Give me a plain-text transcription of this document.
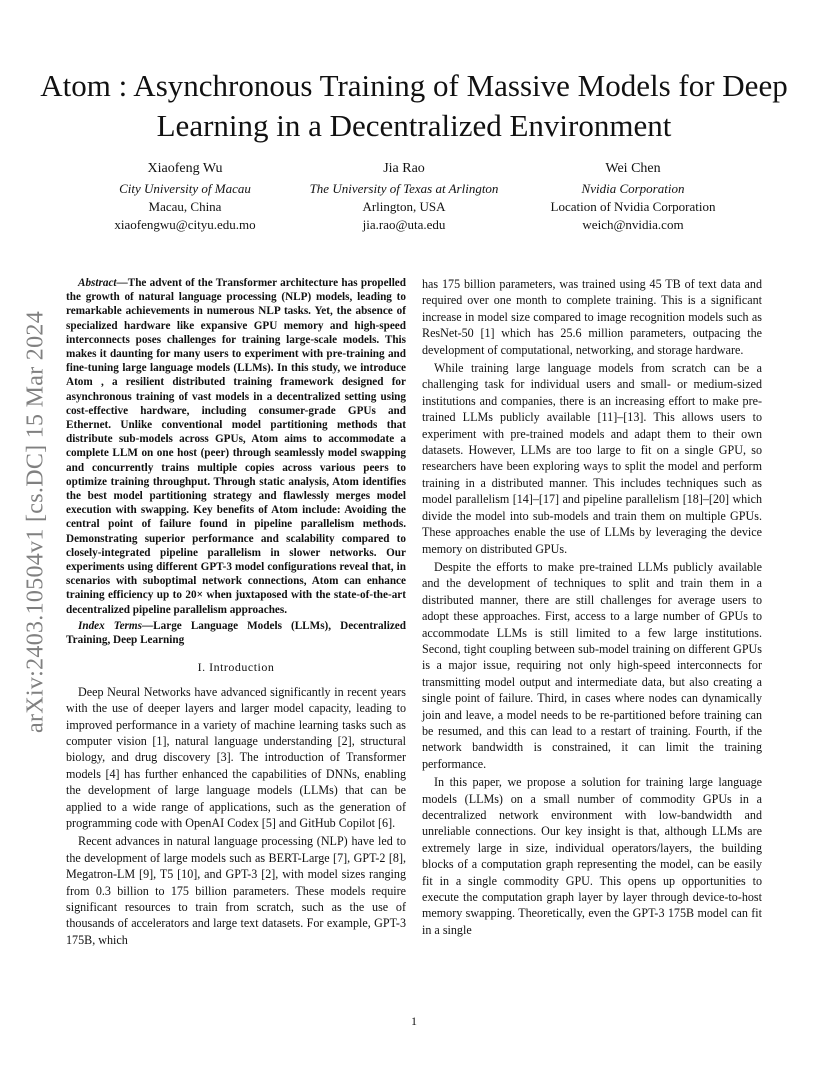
Atom : Asynchronous Training of Massive Models for Deep Learning in a Decentralized Environment
Xiaofeng Wu
City University of Macau
Macau, China
xiaofengwu@cityu.edu.mo
Jia Rao
The University of Texas at Arlington
Arlington, USA
jia.rao@uta.edu
Wei Chen
Nvidia Corporation
Location of Nvidia Corporation
weich@nvidia.com
arXiv:2403.10504v1 [cs.DC] 15 Mar 2024

Abstract—The advent of the Transformer architecture has propelled the growth of natural language processing (NLP) models, leading to remarkable achievements in numerous NLP tasks. Yet, the absence of specialized hardware like expansive GPU memory and high-speed interconnects poses challenges for training large-scale models. This makes it daunting for many users to experiment with pre-training and fine-tuning large language models (LLMs). In this study, we introduce Atom , a resilient distributed training framework designed for asynchronous training of vast models in a decentralized setting using cost-effective hardware, including consumer-grade GPUs and Ethernet. Unlike conventional model partitioning methods that distribute sub-models across GPUs, Atom aims to accommodate a complete LLM on one host (peer) through seamlessly model swapping and concurrently trains multiple copies across various peers to optimize training throughput. Through static analysis, Atom identifies the best model partitioning strategy and flawlessly merges model execution with swapping. Key benefits of Atom include: Avoiding the central point of failure found in pipeline parallelism methods. Demonstrating superior performance and scalability compared to closely-integrated pipeline parallelism in slower networks. Our experiments using different GPT-3 model configurations reveal that, in scenarios with suboptimal network connections, Atom can enhance training efficiency up to 20× when juxtaposed with the state-of-the-art decentralized pipeline parallelism approaches.

Index Terms—Large Language Models (LLMs), Decentralized Training, Deep Learning

I. Introduction

Deep Neural Networks have advanced significantly in recent years with the use of deeper layers and larger model capacity, leading to improved performance in a variety of machine learning tasks such as computer vision [1], natural language understanding [2], structural biology, and drug discovery [3]. The introduction of Transformer models [4] has further enhanced the capabilities of DNNs, enabling the development of large language models (LLMs) that can be applied to a wide range of applications, such as the generation of programming code with OpenAI Codex [5] and GitHub Copilot [6].

Recent advances in natural language processing (NLP) have led to the development of large models such as BERT-Large [7], GPT-2 [8], Megatron-LM [9], T5 [10], and GPT-3 [2], with model sizes ranging from 0.3 billion to 175 billion parameters. These models require significant resources to train from scratch, such as the use of thousands of accelerators and large text datasets. For example, GPT-3 175B, which

has 175 billion parameters, was trained using 45 TB of text data and required over one month to complete training. This is a significant increase in model size compared to image recognition models such as ResNet-50 [1] which has 25.6 million parameters, outpacing the development of computational, networking, and storage hardware.

While training large language models from scratch can be a challenging task for individual users and small- or medium-sized institutions and companies, there is an increasing effort to make pre-trained LLMs publicly available [11]–[13]. This allows users to experiment with pre-trained models and adapt them to their own datasets. However, LLMs are too large to fit on a single GPU, so researchers have been exploring ways to split the model and perform training in a distributed manner. This includes techniques such as model parallelism [14]–[17] and pipeline parallelism [18]–[20] which divide the model into sub-models and train them on multiple GPUs. These approaches enable the use of LLMs by leveraging the device memory on distributed GPUs.

Despite the efforts to make pre-trained LLMs publicly available and the development of techniques to split and train them in a distributed manner, there are still challenges for average users to adopt these approaches. First, access to a large number of GPUs to accommodate LLMs is still limited to a few large institutions. Second, tight coupling between sub-model training on different GPUs is a major issue, requiring not only high-speed interconnects for transmitting model output and intermediate data, but also creating a single point of failure. Third, in cases where nodes can dynamically join and leave, a model needs to be re-partitioned before training can be resumed, and this can lead to a restart of training. Fourth, if the network bandwidth is constrained, it can limit the training performance.

In this paper, we propose a solution for training large language models (LLMs) on a small number of commodity GPUs in a decentralized network environment with low-bandwidth and unreliable connections. Our key insight is that, although LLMs are extremely large in size, individual operators/layers, the building blocks of a computation graph representing the model, can be easily fit in a single commodity GPU. This opens up opportunities to execute the computation graph layer by layer through device-to-host memory swapping. Theoretically, even the GPT-3 175B model can fit in a single

1
